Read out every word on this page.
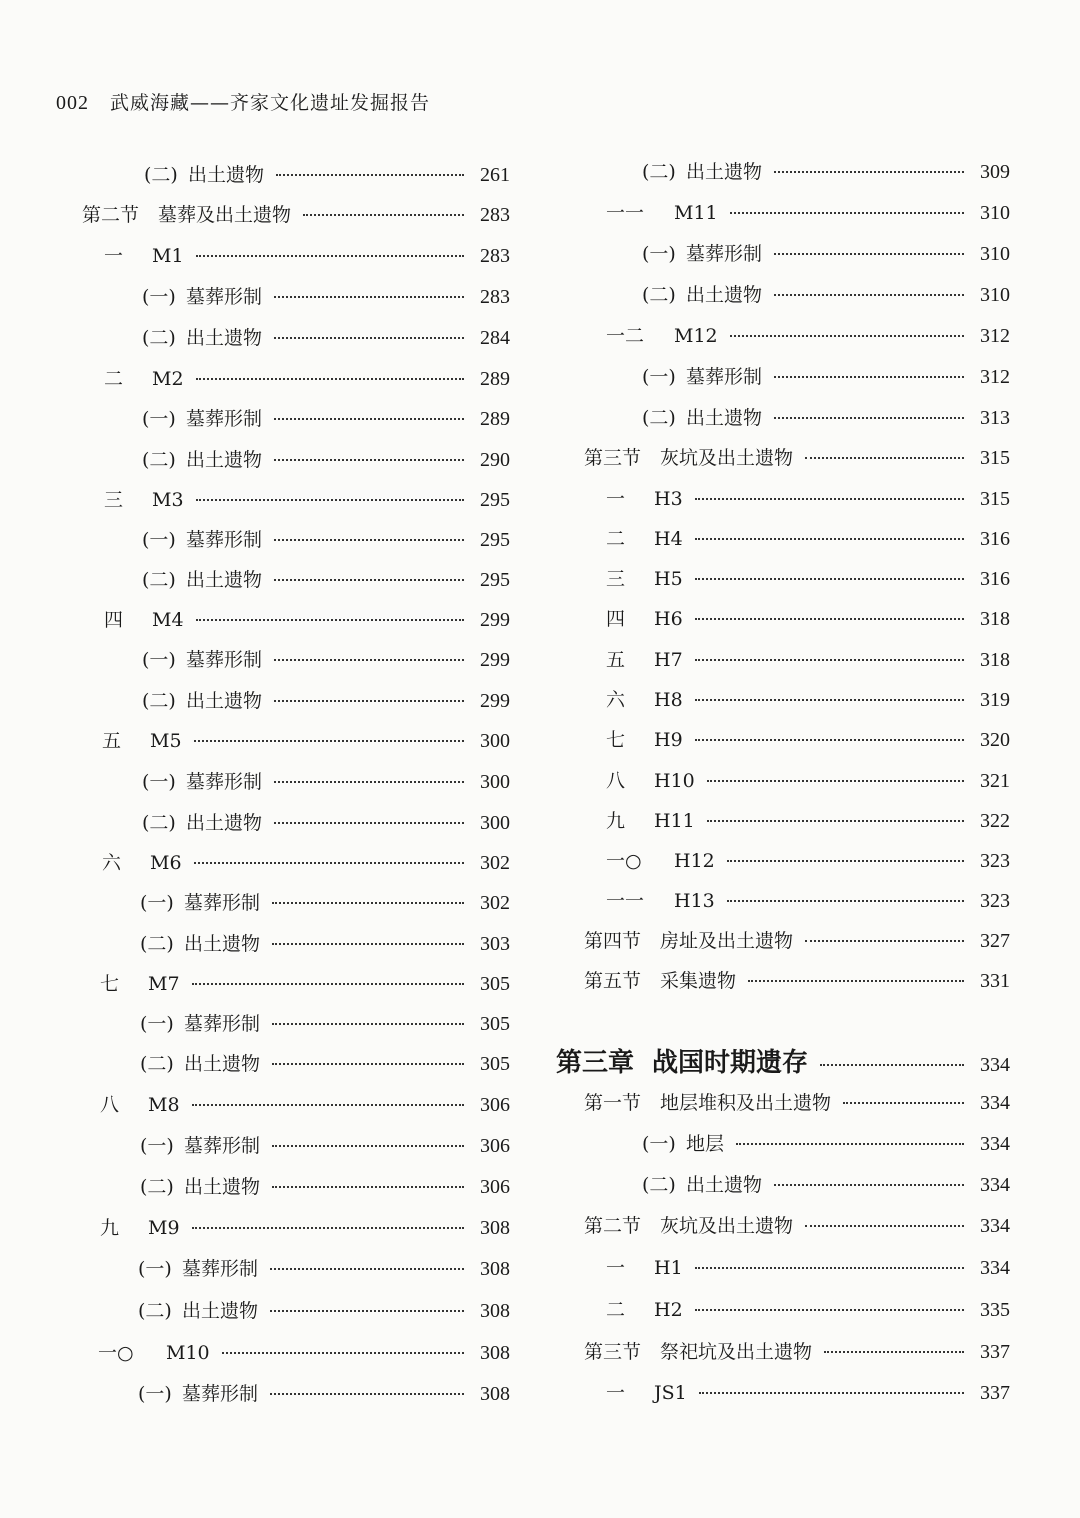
002 武威海藏——齐家文化遗址发掘报告
(二) 出土遗物	261
第二节 墓葬及出土遗物	283
一	M1	283
(一) 墓葬形制	283
(二) 出土遗物	284
二	M2	289
(一) 墓葬形制	289
(二) 出土遗物	290
三	M3	295
(一) 墓葬形制	295
(二) 出土遗物	295
四	M4	299
(一) 墓葬形制	299
(二) 出土遗物	299
五	M5	300
(一) 墓葬形制	300
(二) 出土遗物	300
六	M6	302
(一) 墓葬形制	302
(二) 出土遗物	303
七	M7	305
(一) 墓葬形制	305
(二) 出土遗物	305
八	M8	306
(一) 墓葬形制	306
(二) 出土遗物	306
九	M9	308
(一) 墓葬形制	308
(二) 出土遗物	308
一○	M10	308
(一) 墓葬形制	308
(二) 出土遗物	309
一一	M11	310
(一) 墓葬形制	310
(二) 出土遗物	310
一二	M12	312
(一) 墓葬形制	312
(二) 出土遗物	313
第三节 灰坑及出土遗物	315
一	H3	315
二	H4	316
三	H5	316
四	H6	318
五	H7	318
六	H8	319
七	H9	320
八	H10	321
九	H11	322
一○	H12	323
一一	H13	323
第四节 房址及出土遗物	327
第五节 采集遗物	331
第三章 战国时期遗存	334
第一节 地层堆积及出土遗物	334
(一) 地层	334
(二) 出土遗物	334
第二节 灰坑及出土遗物	334
一	H1	334
二	H2	335
第三节 祭祀坑及出土遗物	337
一	JS1	337
